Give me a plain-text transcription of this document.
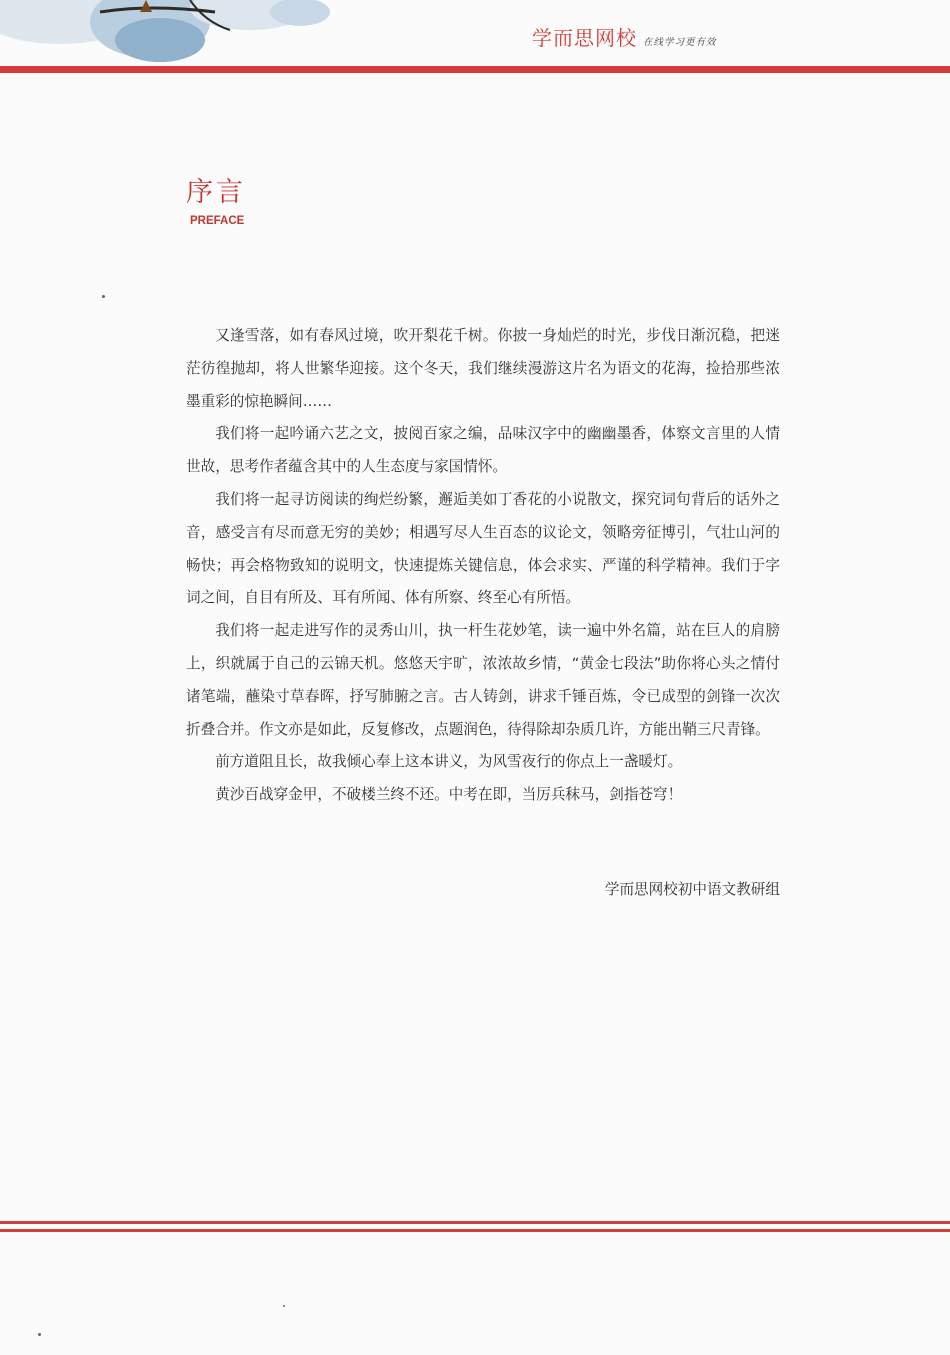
学而思网校 在线学习更有效
序言
PREFACE

又逢雪落，如有春风过境，吹开梨花千树。你披一身灿烂的时光，步伐日渐沉稳，把迷茫彷徨抛却，将人世繁华迎接。这个冬天，我们继续漫游这片名为语文的花海，捡拾那些浓墨重彩的惊艳瞬间……

我们将一起吟诵六艺之文，披阅百家之编，品味汉字中的幽幽墨香，体察文言里的人情世故，思考作者蕴含其中的人生态度与家国情怀。

我们将一起寻访阅读的绚烂纷繁，邂逅美如丁香花的小说散文，探究词句背后的话外之音，感受言有尽而意无穷的美妙；相遇写尽人生百态的议论文，领略旁征博引，气壮山河的畅快；再会格物致知的说明文，快速提炼关键信息，体会求实、严谨的科学精神。我们于字词之间，自目有所及、耳有所闻、体有所察、终至心有所悟。

我们将一起走进写作的灵秀山川，执一杆生花妙笔，读一遍中外名篇，站在巨人的肩膀上，织就属于自己的云锦天机。悠悠天宇旷，浓浓故乡情，“黄金七段法”助你将心头之情付诸笔端，蘸染寸草春晖，抒写肺腑之言。古人铸剑，讲求千锤百炼，令已成型的剑锋一次次折叠合并。作文亦是如此，反复修改，点题润色，待得除却杂质几许，方能出鞘三尺青锋。

前方道阻且长，故我倾心奉上这本讲义，为风雪夜行的你点上一盏暖灯。

黄沙百战穿金甲，不破楼兰终不还。中考在即，当厉兵秣马，剑指苍穹！

学而思网校初中语文教研组
